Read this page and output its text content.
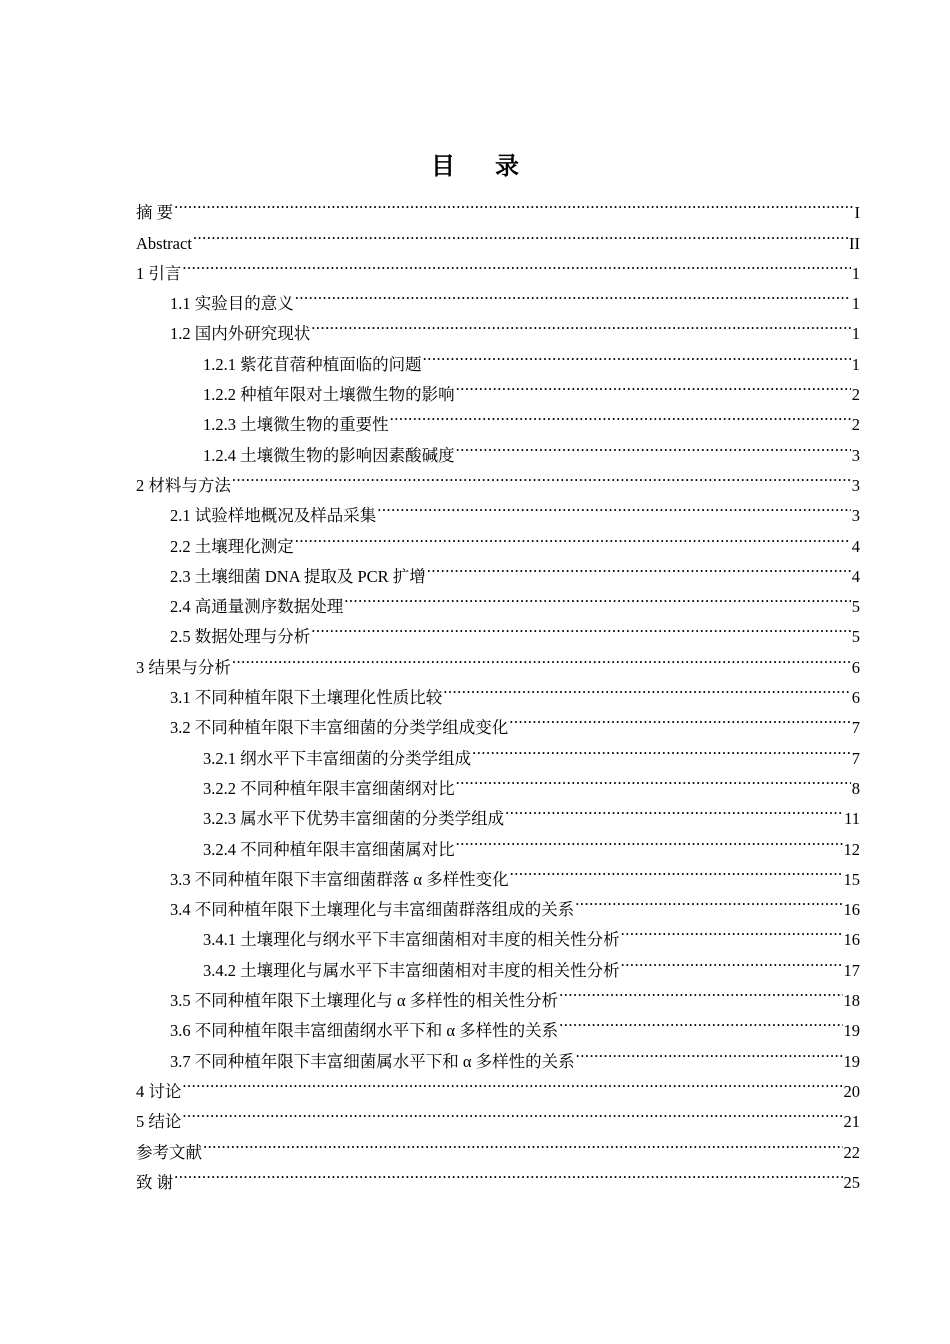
目录
摘 要 .....	I
Abstract .....	II
1 引言 .....	1
1.1 实验目的意义 .....	1
1.2 国内外研究现状 .....	1
1.2.1 紫花苜蓿种植面临的问题 .....	1
1.2.2 种植年限对土壤微生物的影响 .....	2
1.2.3 土壤微生物的重要性 .....	2
1.2.4 土壤微生物的影响因素酸碱度 .....	3
2 材料与方法 .....	3
2.1 试验样地概况及样品采集 .....	3
2.2 土壤理化测定 .....	4
2.3 土壤细菌 DNA 提取及 PCR 扩增 .....	4
2.4 高通量测序数据处理 .....	5
2.5 数据处理与分析 .....	5
3 结果与分析 .....	6
3.1 不同种植年限下土壤理化性质比较 .....	6
3.2 不同种植年限下丰富细菌的分类学组成变化 .....	7
3.2.1 纲水平下丰富细菌的分类学组成 .....	7
3.2.2 不同种植年限丰富细菌纲对比 .....	8
3.2.3 属水平下优势丰富细菌的分类学组成 .....	11
3.2.4 不同种植年限丰富细菌属对比 .....	12
3.3 不同种植年限下丰富细菌群落 α 多样性变化 .....	15
3.4 不同种植年限下土壤理化与丰富细菌群落组成的关系 .....	16
3.4.1 土壤理化与纲水平下丰富细菌相对丰度的相关性分析 .....	16
3.4.2 土壤理化与属水平下丰富细菌相对丰度的相关性分析 .....	17
3.5 不同种植年限下土壤理化与 α 多样性的相关性分析 .....	18
3.6 不同种植年限丰富细菌纲水平下和 α 多样性的关系 .....	19
3.7 不同种植年限下丰富细菌属水平下和 α 多样性的关系 .....	19
4 讨论 .....	20
5 结论 .....	21
参考文献 .....	22
致 谢 .....	25
